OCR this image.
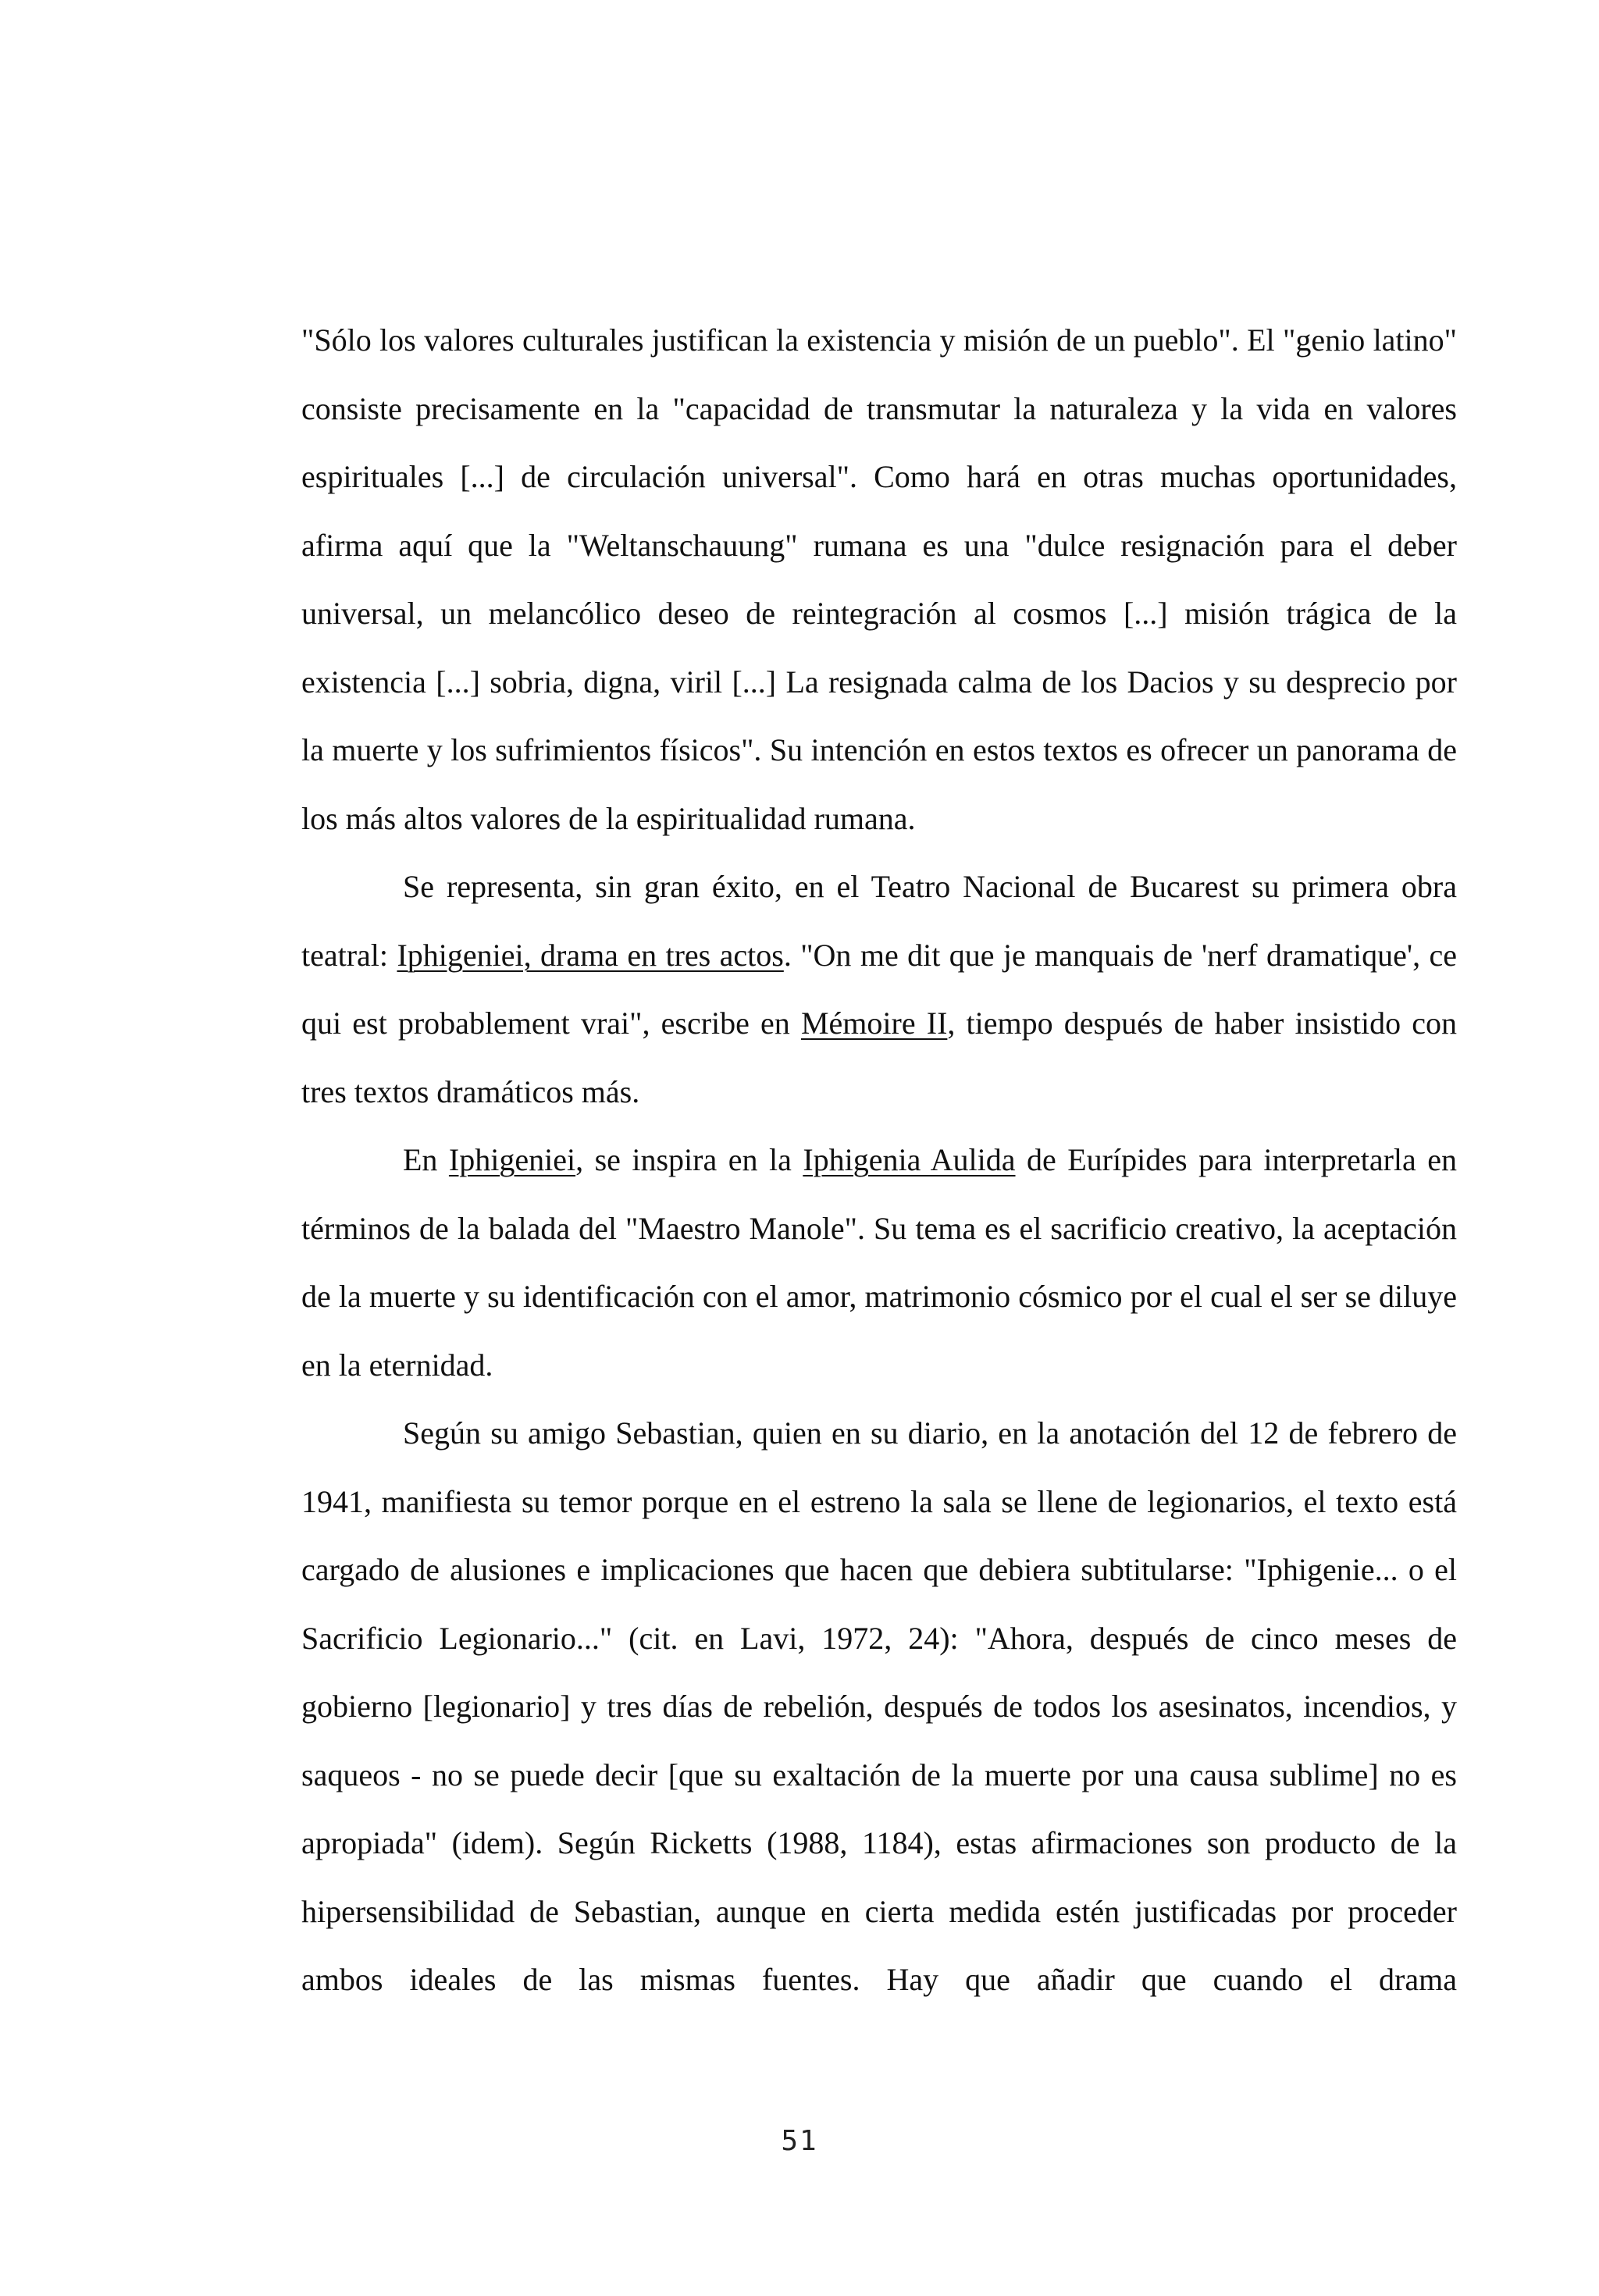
"Sólo los valores culturales justifican la existencia y misión de un pueblo". El "genio latino" consiste precisamente en la "capacidad de transmutar la naturaleza y la vida en valores espirituales [...] de circulación universal". Como hará en otras muchas oportunidades, afirma aquí que la "Weltanschauung" rumana es una "dulce resignación para el deber universal, un melancólico deseo de reintegración al cosmos [...] misión trágica de la existencia [...] sobria, digna, viril [...] La resignada calma de los Dacios y su desprecio por la muerte y los sufrimientos físicos". Su intención en estos textos es ofrecer un panorama de los más altos valores de la espiritualidad rumana.

Se representa, sin gran éxito, en el Teatro Nacional de Bucarest su primera obra teatral: Iphigeniei, drama en tres actos. "On me dit que je manquais de 'nerf dramatique', ce qui est probablement vrai", escribe en Mémoire II, tiempo después de haber insistido con tres textos dramáticos más.

En Iphigeniei, se inspira en la Iphigenia Aulida de Eurípides para interpretarla en términos de la balada del "Maestro Manole". Su tema es el sacrificio creativo, la aceptación de la muerte y su identificación con el amor, matrimonio cósmico por el cual el ser se diluye en la eternidad.

Según su amigo Sebastian, quien en su diario, en la anotación del 12 de febrero de 1941, manifiesta su temor porque en el estreno la sala se llene de legionarios, el texto está cargado de alusiones e implicaciones que hacen que debiera subtitularse: "Iphigenie... o el Sacrificio Legionario..." (cit. en Lavi, 1972, 24): "Ahora, después de cinco meses de gobierno [legionario] y tres días de rebelión, después de todos los asesinatos, incendios, y saqueos - no se puede decir [que su exaltación de la muerte por una causa sublime] no es apropiada" (idem). Según Ricketts (1988, 1184), estas afirmaciones son producto de la hipersensibilidad de Sebastian, aunque en cierta medida estén justificadas por proceder ambos ideales de las mismas fuentes. Hay que añadir que cuando el drama

51
